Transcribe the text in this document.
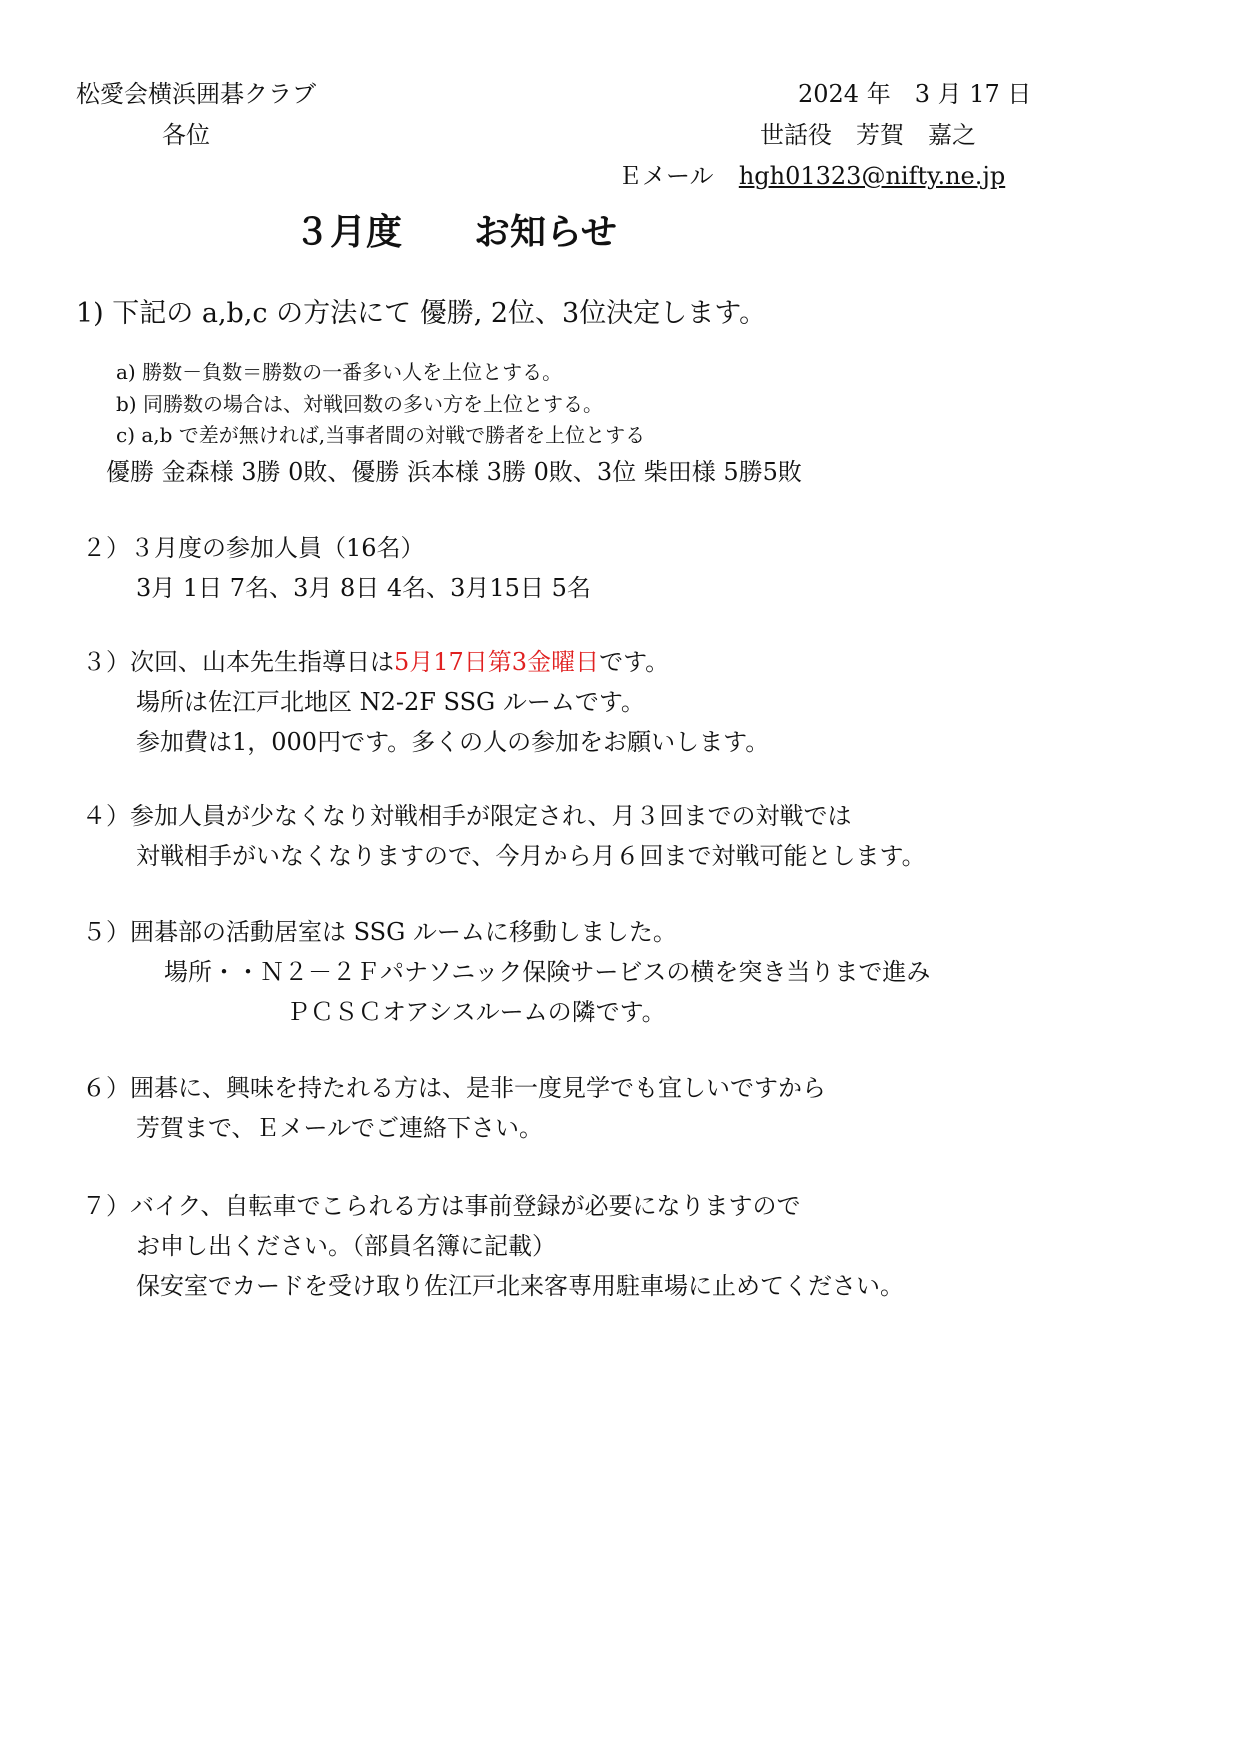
松愛会横浜囲碁クラブ
各位
2024 年　3 月 17 日
世話役　芳賀　嘉之
Ｅメール hgh01323@nifty.ne.jp
３月度　　お知らせ
1) 下記の a,b,c の方法にて 優勝, 2位、3位決定します。
a) 勝数－負数＝勝数の一番多い人を上位とする。
b) 同勝数の場合は、対戦回数の多い方を上位とする。
c) a,b で差が無ければ,当事者間の対戦で勝者を上位とする
優勝 金森様 3勝 0敗、優勝 浜本様 3勝 0敗、3位 柴田様 5勝5敗
２）３月度の参加人員（16名）
3月 1日 7名、3月 8日 4名、3月15日 5名
３）次回、山本先生指導日は5月17日第3金曜日です。
場所は佐江戸北地区 N2-2F SSG ルームです。
参加費は1，000円です。多くの人の参加をお願いします。
４）参加人員が少なくなり対戦相手が限定され、月３回までの対戦では
対戦相手がいなくなりますので、今月から月６回まで対戦可能とします。
５）囲碁部の活動居室は SSG ルームに移動しました。
場所・・Ｎ２－２Ｆパナソニック保険サービスの横を突き当りまで進み
ＰＣＳＣオアシスルームの隣です。
６）囲碁に、興味を持たれる方は、是非一度見学でも宜しいですから
芳賀まで、Ｅメールでご連絡下さい。
７）バイク、自転車でこられる方は事前登録が必要になりますので
お申し出ください。（部員名簿に記載）
保安室でカードを受け取り佐江戸北来客専用駐車場に止めてください。
